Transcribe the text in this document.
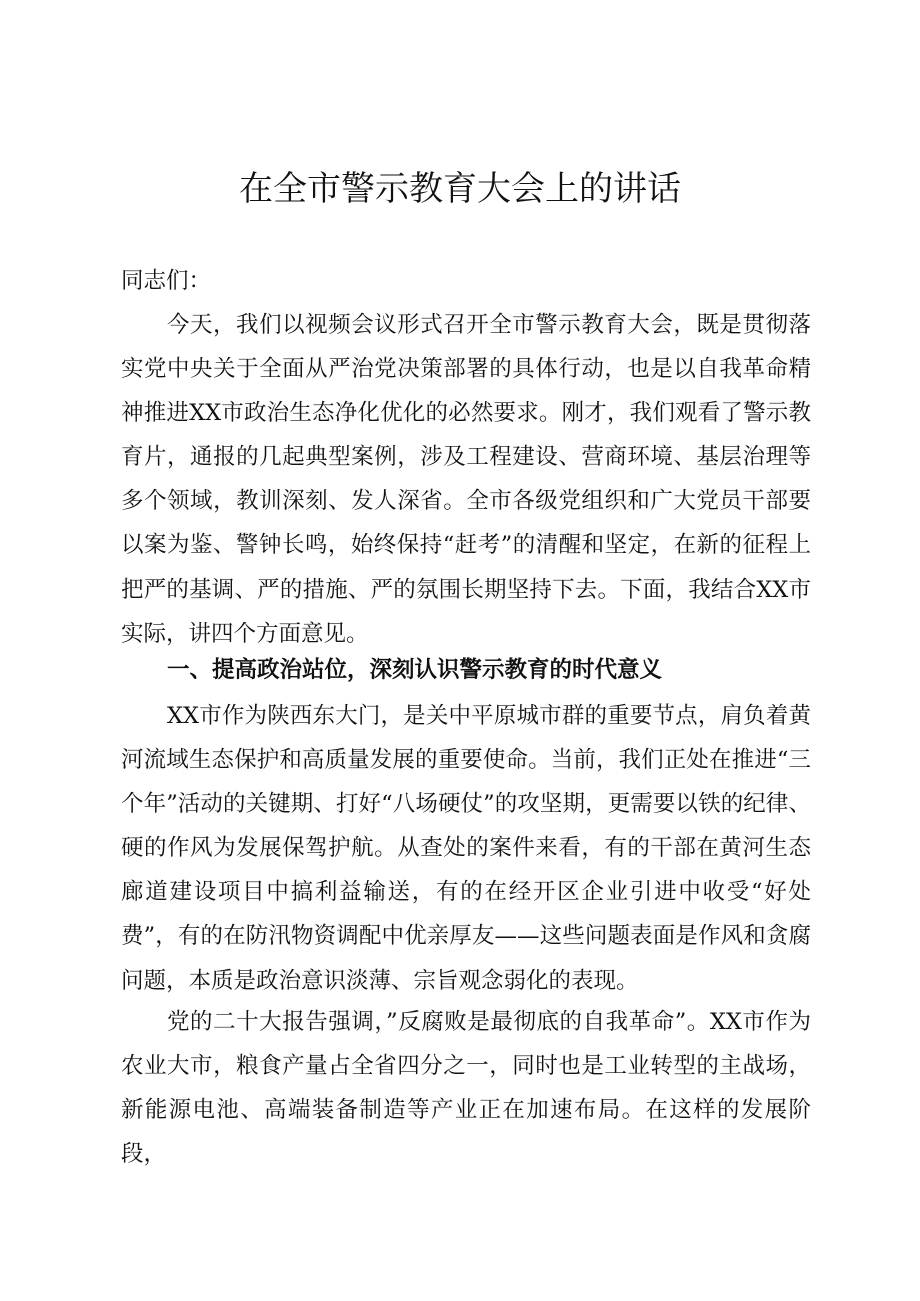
在全市警示教育大会上的讲话

同志们：

今天，我们以视频会议形式召开全市警示教育大会，既是贯彻落实党中央关于全面从严治党决策部署的具体行动，也是以自我革命精神推进XX市政治生态净化优化的必然要求。刚才，我们观看了警示教育片，通报的几起典型案例，涉及工程建设、营商环境、基层治理等多个领域，教训深刻、发人深省。全市各级党组织和广大党员干部要以案为鉴、警钟长鸣，始终保持“赶考”的清醒和坚定，在新的征程上把严的基调、严的措施、严的氛围长期坚持下去。下面，我结合XX市实际，讲四个方面意见。

一、提高政治站位，深刻认识警示教育的时代意义

XX市作为陕西东大门，是关中平原城市群的重要节点，肩负着黄河流域生态保护和高质量发展的重要使命。当前，我们正处在推进“三个年”活动的关键期、打好“八场硬仗”的攻坚期，更需要以铁的纪律、硬的作风为发展保驾护航。从查处的案件来看，有的干部在黄河生态廊道建设项目中搞利益输送，有的在经开区企业引进中收受“好处费”，有的在防汛物资调配中优亲厚友——这些问题表面是作风和贪腐问题，本质是政治意识淡薄、宗旨观念弱化的表现。

党的二十大报告强调，”反腐败是最彻底的自我革命”。XX市作为农业大市，粮食产量占全省四分之一，同时也是工业转型的主战场，新能源电池、高端装备制造等产业正在加速布局。在这样的发展阶段，
